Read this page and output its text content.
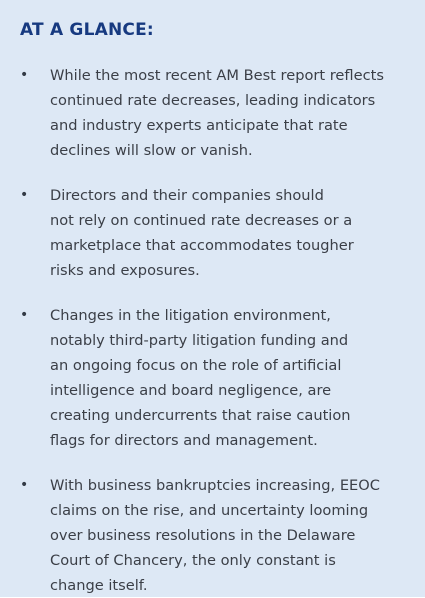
AT A GLANCE:
•	While the most recent AM Best report reflects
continued rate decreases, leading indicators
and industry experts anticipate that rate
declines will slow or vanish.
•	Directors and their companies should
not rely on continued rate decreases or a
marketplace that accommodates tougher
risks and exposures.
•	Changes in the litigation environment,
notably third-party litigation funding and
an ongoing focus on the role of artificial
intelligence and board negligence, are
creating undercurrents that raise caution
flags for directors and management.
•	With business bankruptcies increasing, EEOC
claims on the rise, and uncertainty looming
over business resolutions in the Delaware
Court of Chancery, the only constant is
change itself.
